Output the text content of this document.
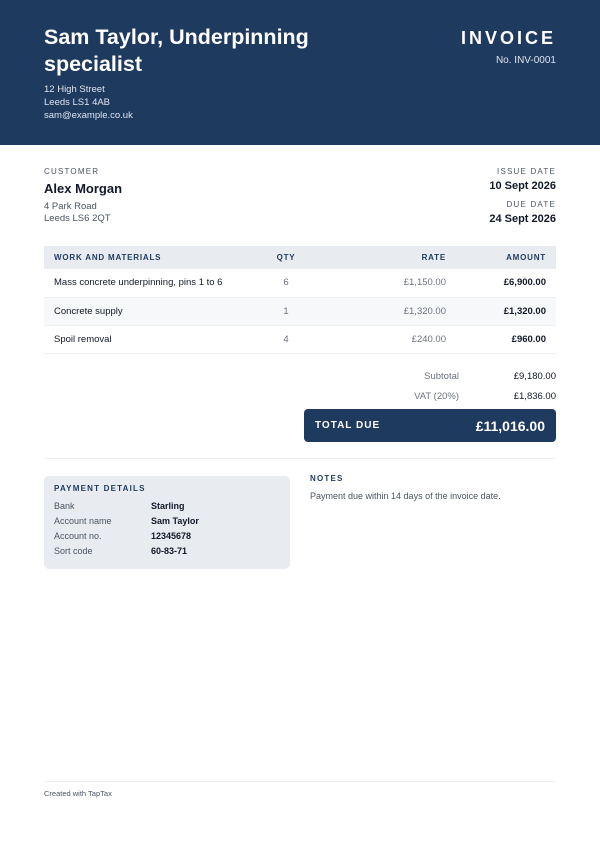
Sam Taylor, Underpinning specialist
12 High Street
Leeds LS1 4AB
sam@example.co.uk
INVOICE
No. INV-0001
CUSTOMER
Alex Morgan
4 Park Road
Leeds LS6 2QT
ISSUE DATE
10 Sept 2026
DUE DATE
24 Sept 2026
WORK AND MATERIALS	QTY	RATE	AMOUNT
Mass concrete underpinning, pins 1 to 6	6	£1,150.00	£6,900.00
Concrete supply	1	£1,320.00	£1,320.00
Spoil removal	4	£240.00	£960.00
Subtotal	£9,180.00
VAT (20%)	£1,836.00
TOTAL DUE	£11,016.00
PAYMENT DETAILS
Bank	Starling
Account name	Sam Taylor
Account no.	12345678
Sort code	60-83-71
NOTES
Payment due within 14 days of the invoice date.
Created with TapTax
